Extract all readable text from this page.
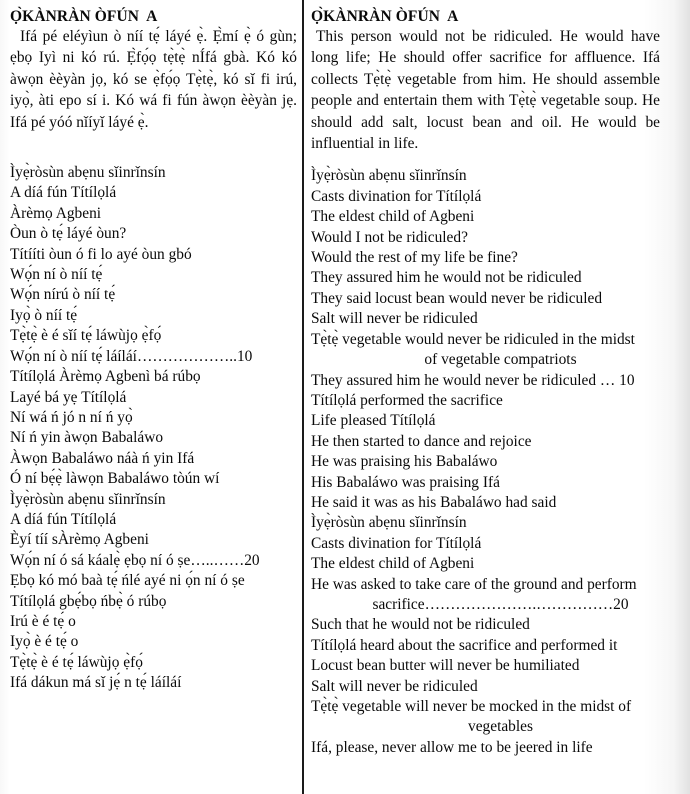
Ọ̀KÀNRÀN ÒFÚN  A

Ifá pé eléyìun ò níí tẹ́ láyé ẹ̀. Ẹ̀mí ẹ̀ ó gùn; ẹbọ Iyì ni kó rú. Ẹ̀fọ́ọ tẹ̀tẹ̀ nÍfá gbà. Kó kó àwọn èèyàn jọ, kó se ẹ̀fọ́ọ Tẹ̀tẹ̀, kó sǐ fi irú, iyọ̀, àti epo sí i. Kó wá fi fún àwọn èèyàn jẹ. Ifá pé yóó nǐíyǐ láyé ẹ̀.

Ìyẹ̀ròsùn abẹnu sǐinrǐnsín
A díá fún Títílọlá
Àrèmọ Agbeni
Òun ò tẹ́ láyé òun?
Títííti òun ó fi lo ayé òun gbó
Wọ́n ní ò níí tẹ́
Wọ́n nírú ò níí tẹ́
Iyọ̀ ò níí tẹ́
Tẹ̀tẹ̀ è é sǐí tẹ́ láwùjọ ẹ̀fọ́
Wọ́n ní ò níí tẹ́ láíláí………………..10
Títílọlá Àrèmọ Agbenì bá rúbọ
Layé bá yẹ Títílọlá
Ní wá ń jó n ní ń yọ̀
Ní ń yin àwọn Babaláwo
Àwọn Babaláwo náà ń yin Ifá
Ó ní bẹ́ẹ̀ làwọn Babaláwo tòún wí
Ìyẹ̀ròsùn abẹnu sǐinrǐnsín
A díá fún Títílọlá
Èyí tíí sÀrèmọ Agbeni
Wọ́n ní ó sá káalẹ̀ ẹbọ ní ó ṣe…..……20
Ẹbọ kó mó baà tẹ́ ńlé ayé ni ọ́n ní ó ṣe
Títílọlá gbẹ́bọ ńbẹ̀ ó rúbọ
Irú è é tẹ́ o
Iyọ̀ è é tẹ́ o
Tẹ̀tẹ̀ è é tẹ́ láwùjọ ẹ̀fọ́
Ifá dákun má sǐ jẹ́ n tẹ́ láíláí
Ọ̀KÀNRÀN ÒFÚN  A

This person would not be ridiculed. He would have long life; He should offer sacrifice for affluence. Ifá collects Tẹ̀tẹ̀ vegetable from him. He should assemble people and entertain them with Tẹ̀tẹ̀ vegetable soup. He should add salt, locust bean and oil. He would be influential in life.

Ìyẹ̀ròsùn abẹnu sǐinrǐnsín
Casts divination for Títílọlá
The eldest child of Agbeni
Would I not be ridiculed?
Would the rest of my life be fine?
They assured him he would not be ridiculed
They said locust bean would never be ridiculed
Salt will never be ridiculed
Tẹ̀tẹ̀ vegetable would never be ridiculed in the midst
of vegetable compatriots
They assured him he would never be ridiculed … 10
Títílọlá performed the sacrifice
Life pleased Títílọlá
He then started to dance and rejoice
He was praising his Babaláwo
His Babaláwo was praising Ifá
He said it was as his Babaláwo had said
Ìyẹ̀ròsùn abẹnu sǐinrǐnsín
Casts divination for Títílọlá
The eldest child of Agbeni
He was asked to take care of the ground and perform
sacrifice………………….……………20
Such that he would not be ridiculed
Títílọlá heard about the sacrifice and performed it
Locust bean butter will never be humiliated
Salt will never be ridiculed
Tẹ̀tẹ̀ vegetable will never be mocked in the midst of
vegetables
Ifá, please, never allow me to be jeered in life
